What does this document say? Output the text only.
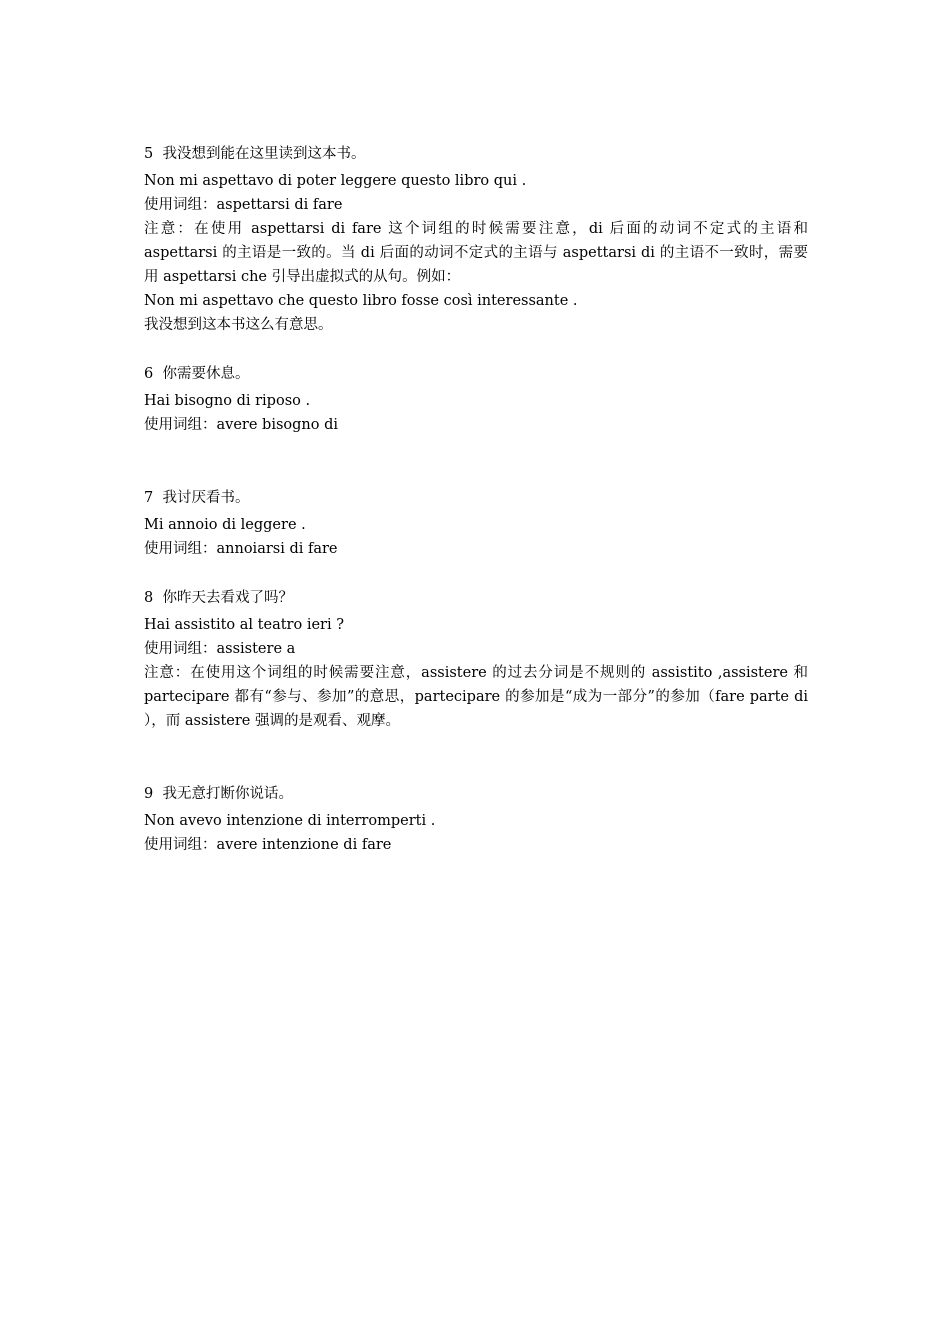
5 我没想到能在这里读到这本书。

Non mi aspettavo di poter leggere questo libro qui .

使用词组：aspettarsi di fare

注意：在使用 aspettarsi di fare 这个词组的时候需要注意，di 后面的动词不定式的主语和 aspettarsi 的主语是一致的。当 di 后面的动词不定式的主语与 aspettarsi di 的主语不一致时，需要用 aspettarsi che 引导出虚拟式的从句。例如：

Non mi aspettavo che questo libro fosse così interessante .

我没想到这本书这么有意思。

6 你需要休息。

Hai bisogno di riposo .

使用词组：avere bisogno di

7 我讨厌看书。

Mi annoio di leggere .

使用词组：annoiarsi di fare

8 你昨天去看戏了吗？

Hai assistito al teatro ieri ?

使用词组：assistere a

注意：在使用这个词组的时候需要注意，assistere 的过去分词是不规则的 assistito ,assistere 和 partecipare 都有“参与、参加”的意思，partecipare 的参加是“成为一部分”的参加（fare parte di ），而 assistere 强调的是观看、观摩。

9 我无意打断你说话。

Non avevo intenzione di interromperti .

使用词组：avere intenzione di fare
